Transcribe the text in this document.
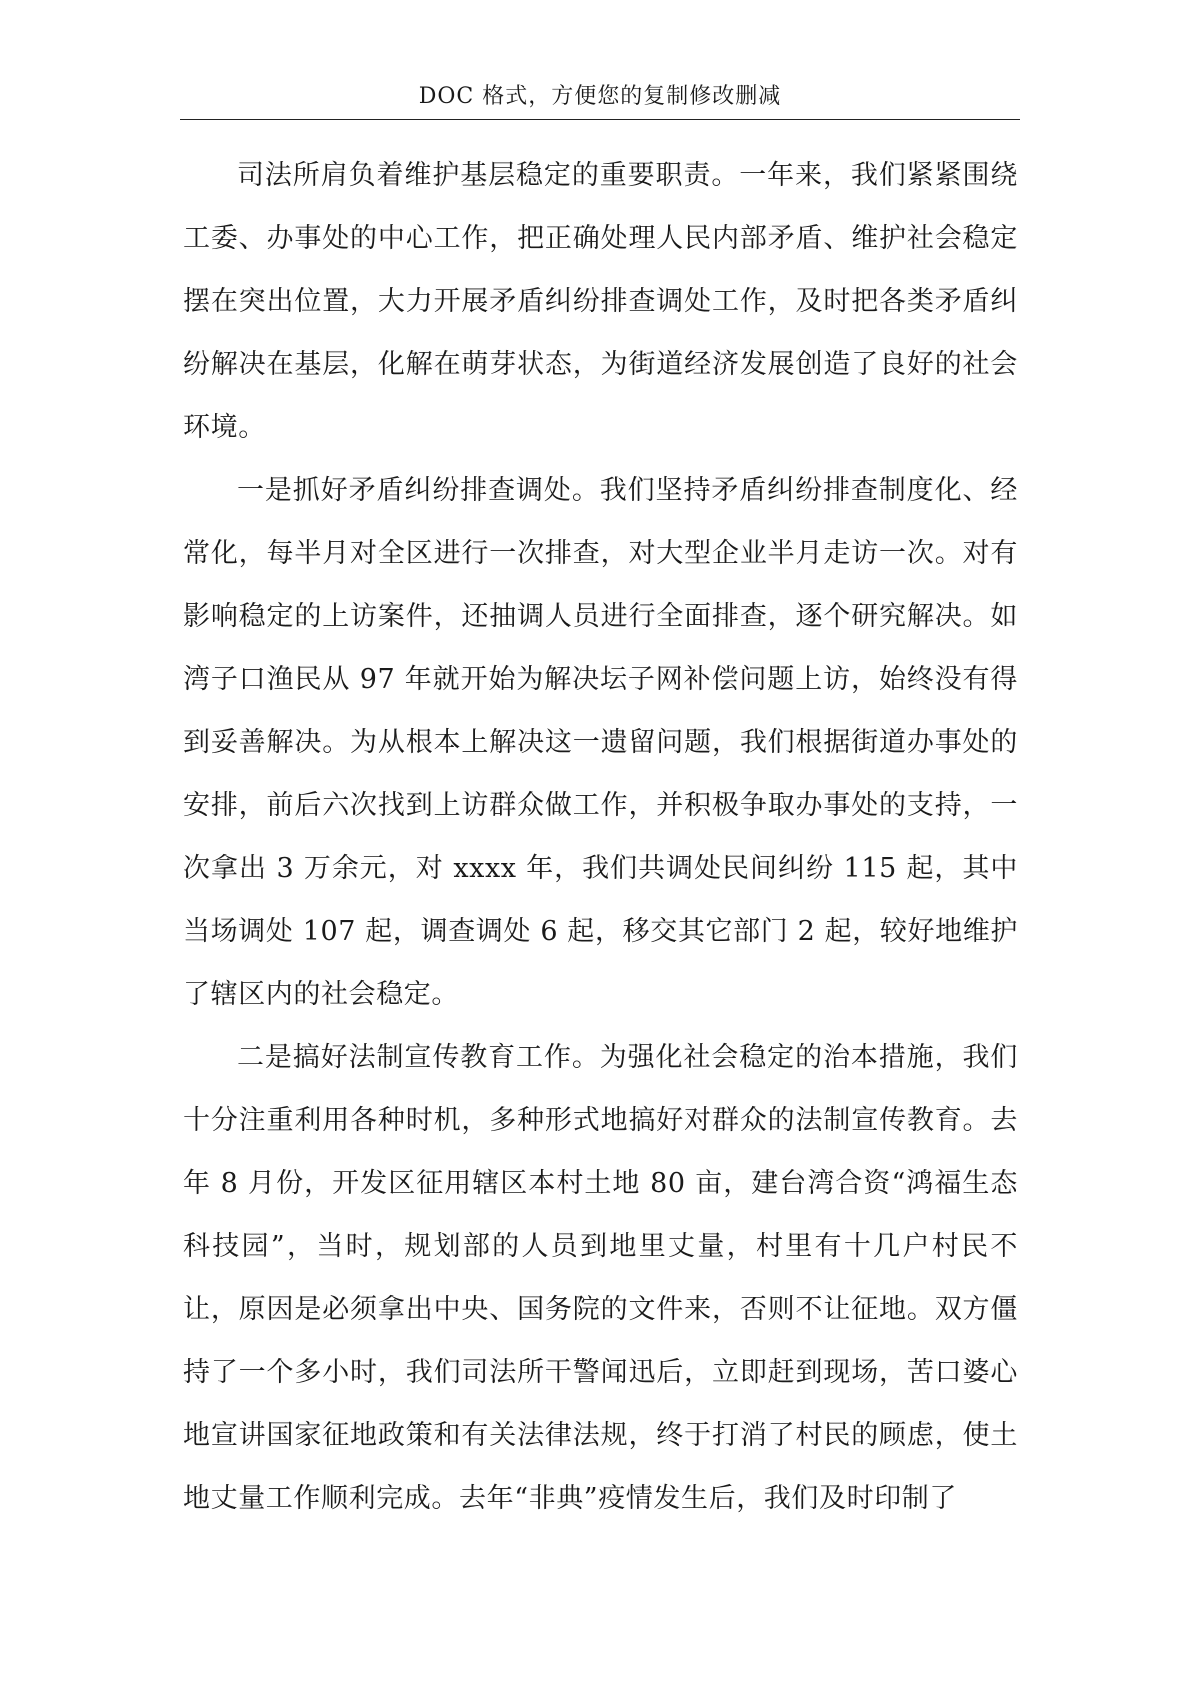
DOC 格式，方便您的复制修改删减

司法所肩负着维护基层稳定的重要职责。一年来，我们紧紧围绕工委、办事处的中心工作，把正确处理人民内部矛盾、维护社会稳定摆在突出位置，大力开展矛盾纠纷排查调处工作，及时把各类矛盾纠纷解决在基层，化解在萌芽状态，为街道经济发展创造了良好的社会环境。

一是抓好矛盾纠纷排查调处。我们坚持矛盾纠纷排查制度化、经常化，每半月对全区进行一次排查，对大型企业半月走访一次。对有影响稳定的上访案件，还抽调人员进行全面排查，逐个研究解决。如湾子口渔民从 97 年就开始为解决坛子网补偿问题上访，始终没有得到妥善解决。为从根本上解决这一遗留问题，我们根据街道办事处的安排，前后六次找到上访群众做工作，并积极争取办事处的支持，一次拿出 3 万余元，对 xxxx 年，我们共调处民间纠纷 115 起，其中当场调处 107 起，调查调处 6 起，移交其它部门 2 起，较好地维护了辖区内的社会稳定。

二是搞好法制宣传教育工作。为强化社会稳定的治本措施，我们十分注重利用各种时机，多种形式地搞好对群众的法制宣传教育。去年 8 月份，开发区征用辖区本村土地 80 亩，建台湾合资“鸿福生态科技园”，当时，规划部的人员到地里丈量，村里有十几户村民不让，原因是必须拿出中央、国务院的文件来，否则不让征地。双方僵持了一个多小时，我们司法所干警闻迅后，立即赶到现场，苦口婆心地宣讲国家征地政策和有关法律法规，终于打消了村民的顾虑，使土地丈量工作顺利完成。去年“非典”疫情发生后，我们及时印制了
